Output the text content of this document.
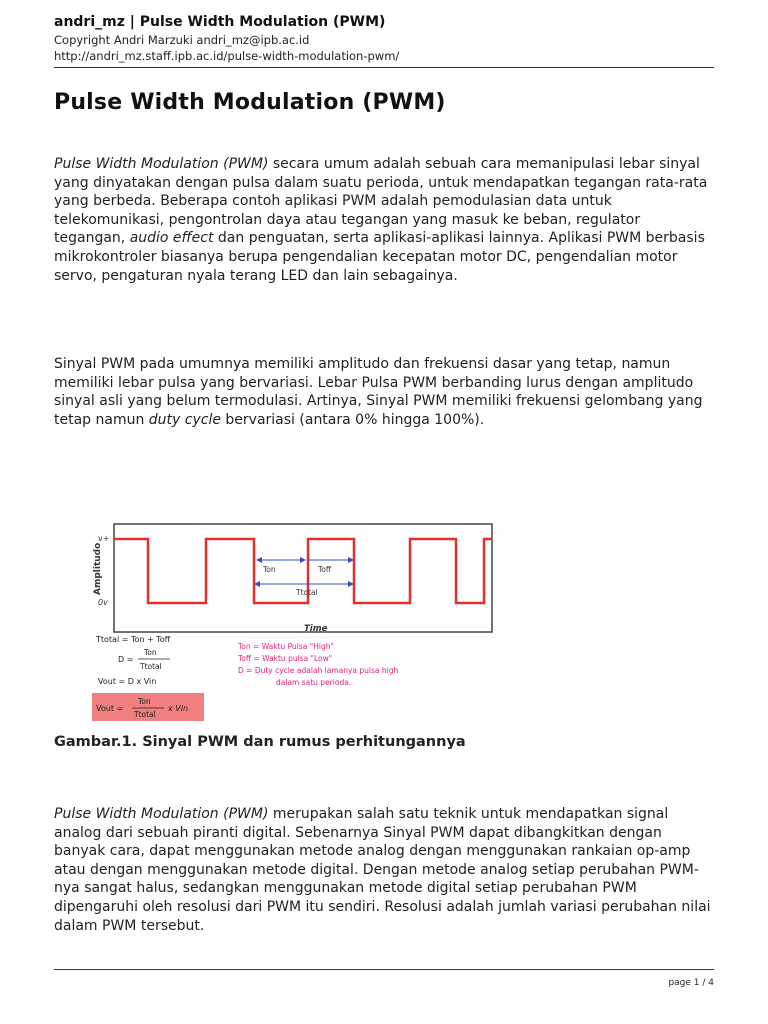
andri_mz | Pulse Width Modulation (PWM)
Copyright Andri Marzuki andri_mz@ipb.ac.id
http://andri_mz.staff.ipb.ac.id/pulse-width-modulation-pwm/
Pulse Width Modulation (PWM)

Pulse Width Modulation (PWM) secara umum adalah sebuah cara memanipulasi lebar sinyal yang dinyatakan dengan pulsa dalam suatu perioda, untuk mendapatkan tegangan rata-rata yang berbeda. Beberapa contoh aplikasi PWM adalah pemodulasian data untuk telekomunikasi, pengontrolan daya atau tegangan yang masuk ke beban, regulator tegangan, audio effect dan penguatan, serta aplikasi-aplikasi lainnya. Aplikasi PWM berbasis mikrokontroler biasanya berupa pengendalian kecepatan motor DC, pengendalian motor servo, pengaturan nyala terang LED dan lain sebagainya.

Sinyal PWM pada umumnya memiliki amplitudo dan frekuensi dasar yang tetap, namun memiliki lebar pulsa yang bervariasi. Lebar Pulsa PWM berbanding lurus dengan amplitudo sinyal asli yang belum termodulasi. Artinya, Sinyal PWM memiliki frekuensi gelombang yang tetap namun duty cycle bervariasi (antara 0% hingga 100%).

Amplitudo
v+
0v
Ton	Toff
Ttotal
Time
Ttotal = Ton + Toff
D =
Ton
Ttotal
Vout = D x Vin
Vout =
Ton
Ttotal
x Vin
Ton = Waktu Pulsa "High"
Toff = Waktu pulsa "Low"
D = Duty cycle adalah lamanya pulsa high
dalam satu perioda.

Gambar.1. Sinyal PWM dan rumus perhitungannya

Pulse Width Modulation (PWM) merupakan salah satu teknik untuk mendapatkan signal analog dari sebuah piranti digital. Sebenarnya Sinyal PWM dapat dibangkitkan dengan banyak cara, dapat menggunakan metode analog dengan menggunakan rankaian op-amp atau dengan menggunakan metode digital. Dengan metode analog setiap perubahan PWM-nya sangat halus, sedangkan menggunakan metode digital setiap perubahan PWM dipengaruhi oleh resolusi dari PWM itu sendiri. Resolusi adalah jumlah variasi perubahan nilai dalam PWM tersebut.

page 1 / 4
